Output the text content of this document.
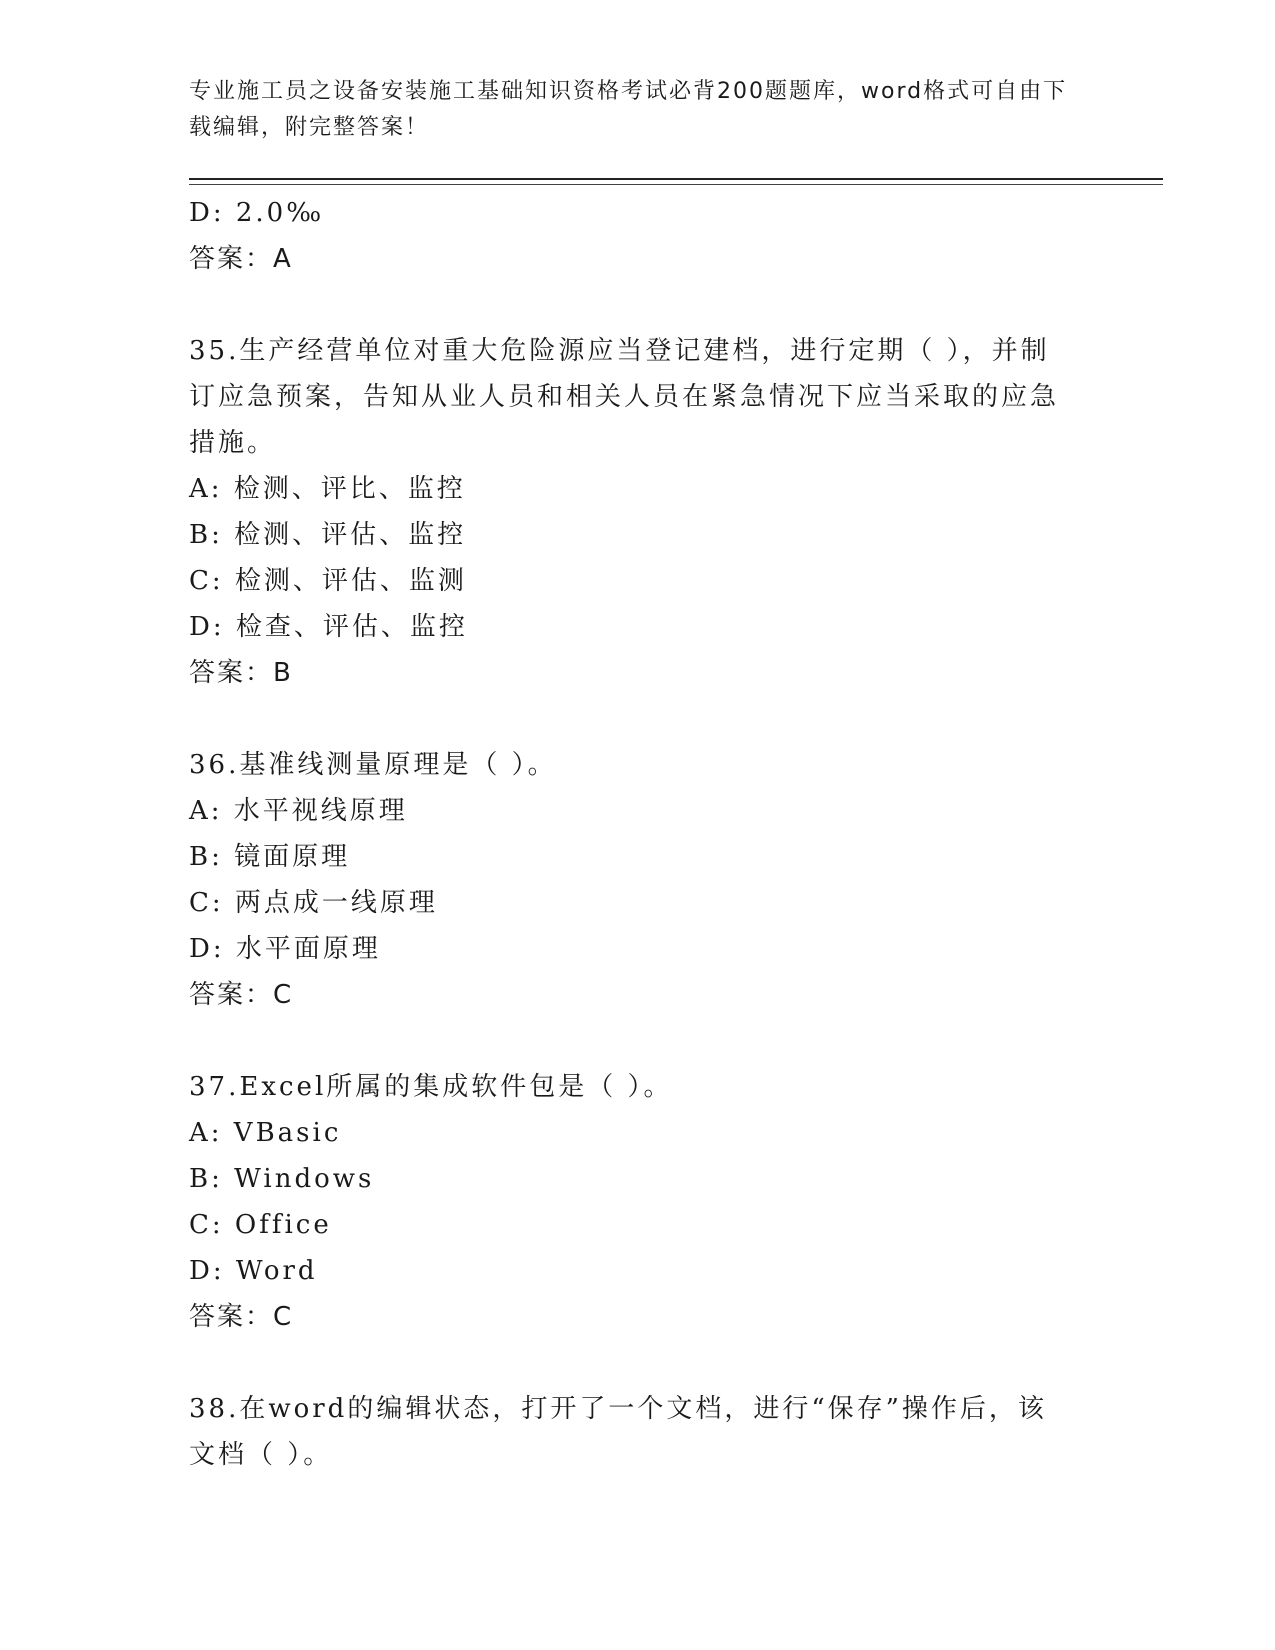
专业施工员之设备安装施工基础知识资格考试必背200题题库，word格式可自由下载编辑，附完整答案！
D: 2.0‰
答案：A
35.生产经营单位对重大危险源应当登记建档，进行定期（ ），并制订应急预案，告知从业人员和相关人员在紧急情况下应当采取的应急措施。
A: 检测、评比、监控
B: 检测、评估、监控
C: 检测、评估、监测
D: 检查、评估、监控
答案：B
36.基准线测量原理是（ ）。
A: 水平视线原理
B: 镜面原理
C: 两点成一线原理
D: 水平面原理
答案：C
37.Excel所属的集成软件包是（ ）。
A: VBasic
B: Windows
C: Office
D: Word
答案：C
38.在word的编辑状态，打开了一个文档，进行“保存”操作后，该文档（ ）。
